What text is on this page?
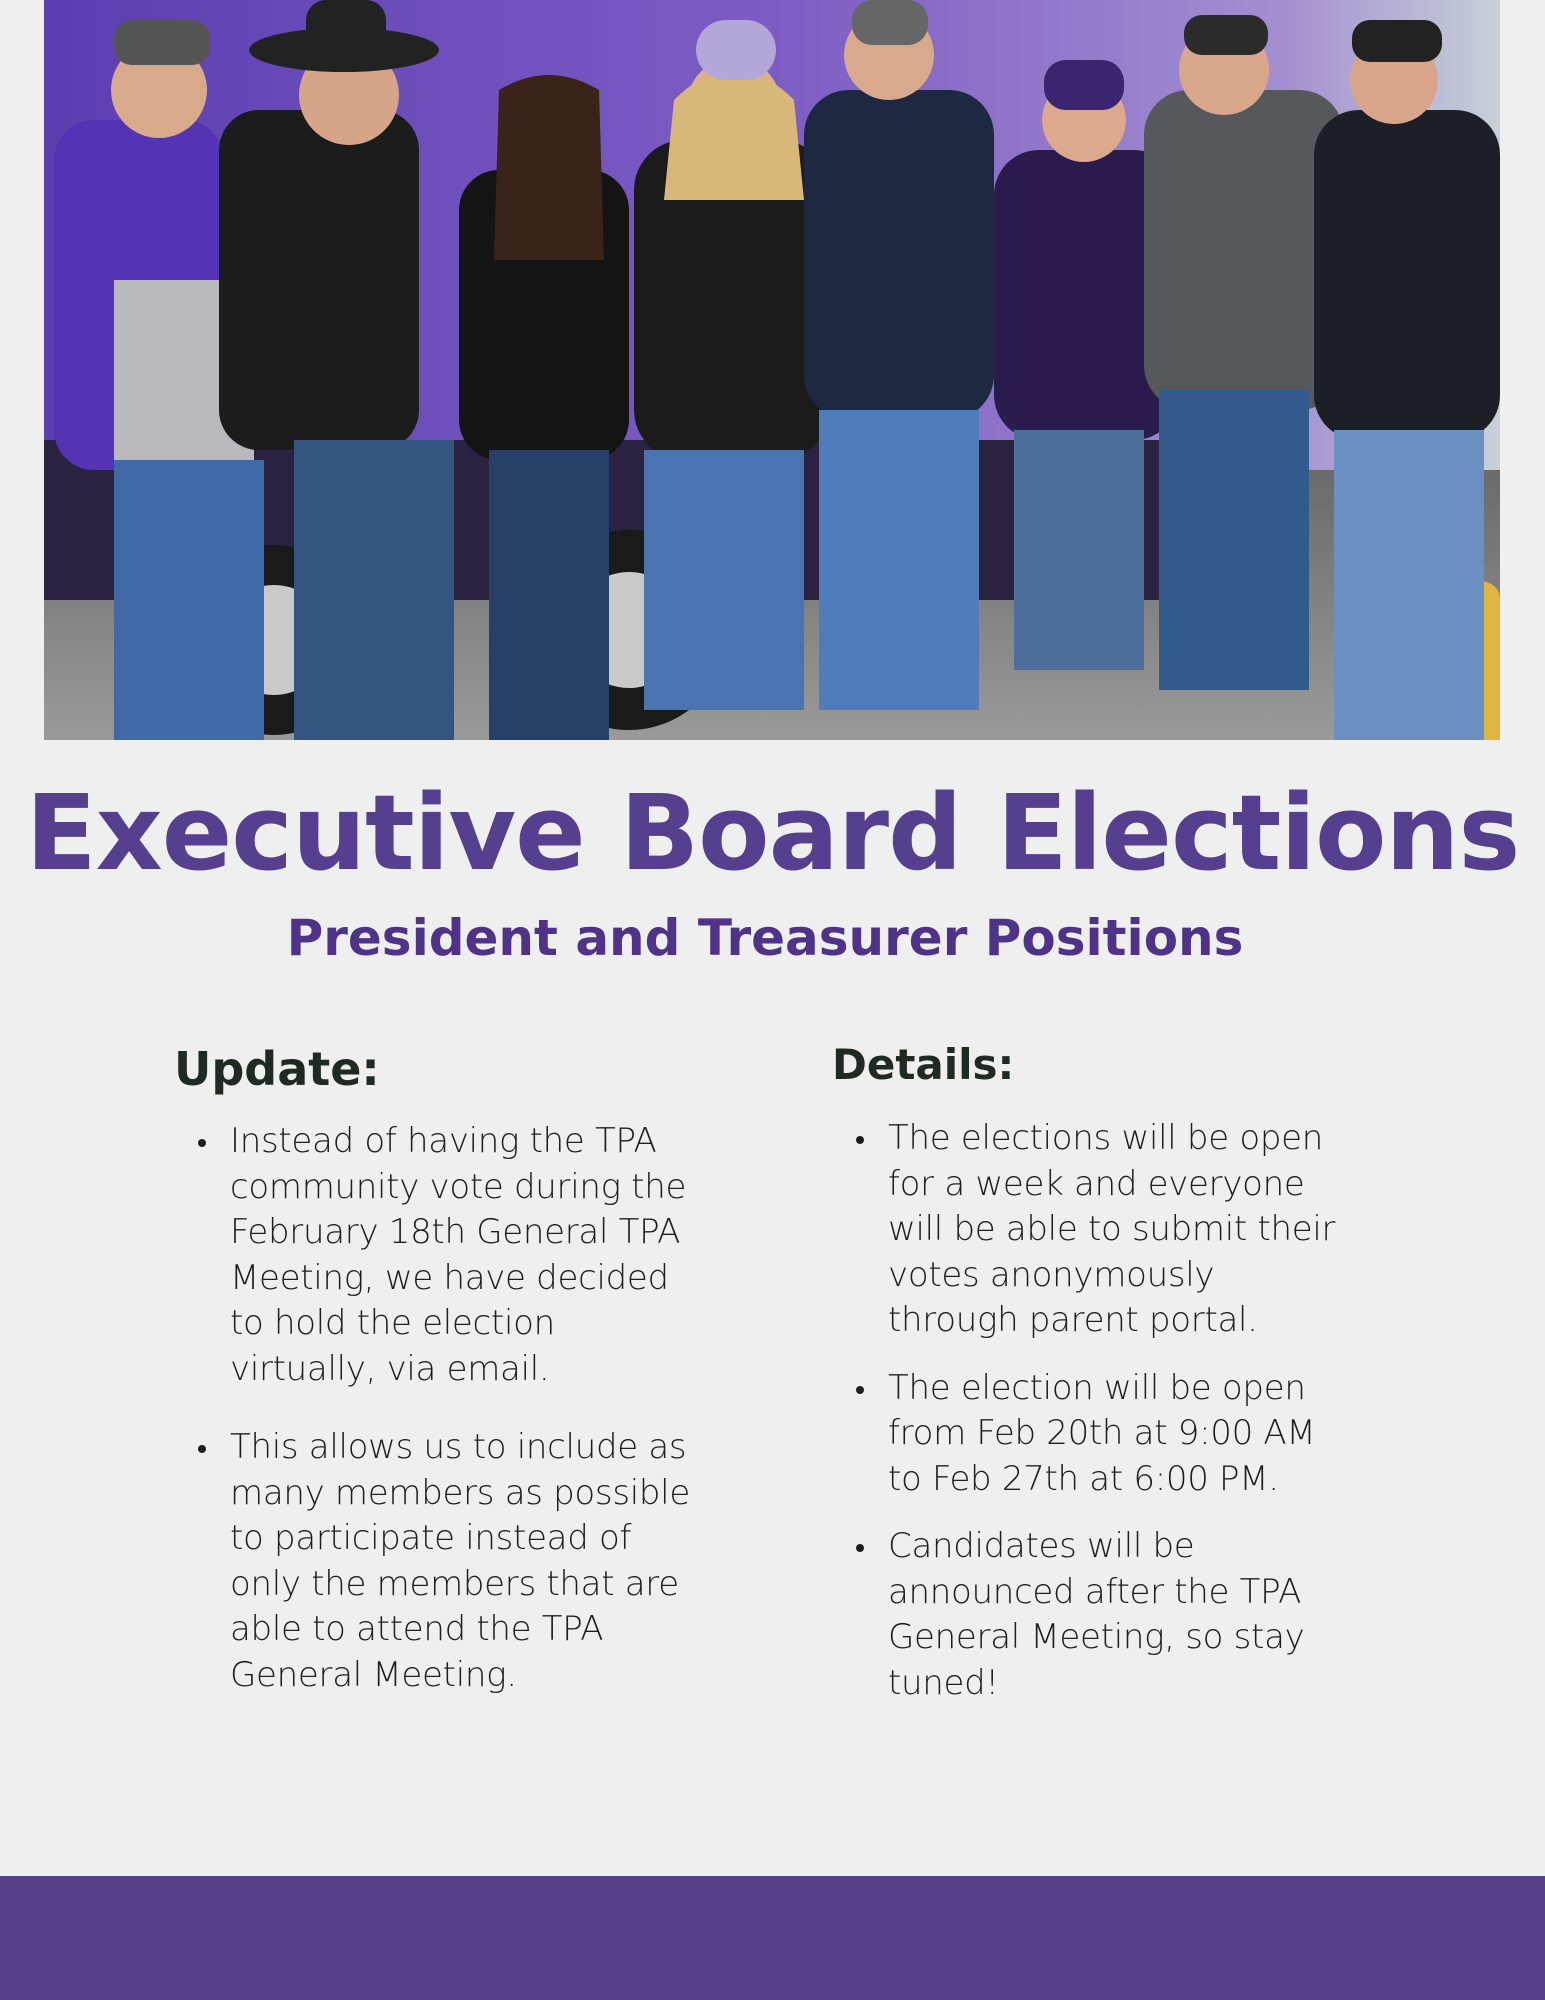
Executive Board Elections

President and Treasurer Positions

Update:
Instead of having the TPA community vote during the February 18th General TPA Meeting, we have decided to hold the election virtually, via email.
This allows us to include as many members as possible to participate instead of only the members that are able to attend the TPA General Meeting.
Details:
The elections will be open for a week and everyone will be able to submit their votes anonymously through parent portal.
The election will be open from Feb 20th at 9:00 AM to Feb 27th at 6:00 PM.
Candidates will be announced after the TPA General Meeting, so stay tuned!
